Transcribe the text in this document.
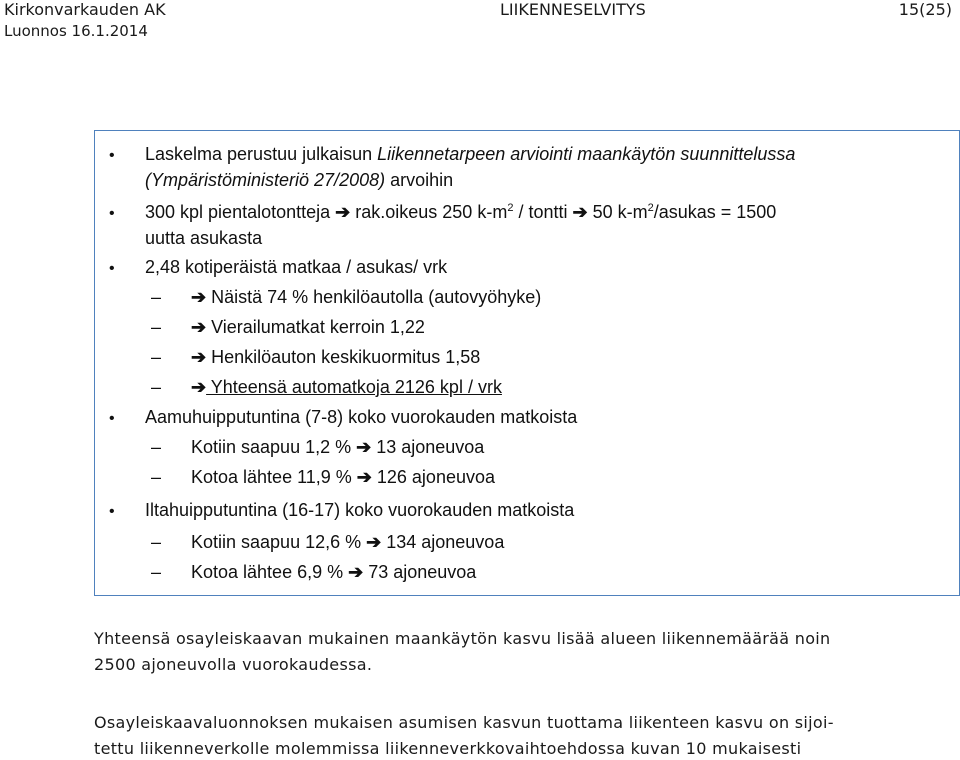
Kirkonvarkauden AK	LIIKENNESELVITYS	15(25)
Luonnos 16.1.2014
• Laskelma perustuu julkaisun Liikennetarpeen arviointi maankäytön suunnittelussa
(Ympäristöministeriö 27/2008) arvoihin
• 300 kpl pientalotontteja ➔ rak.oikeus 250 $k-m^2$ / tontti ➔ 50 $k-m^2$/asukas = 1500
uutta asukasta
• 2,48 kotiperäistä matkaa / asukas/ vrk
– ➔ Näistä 74 % henkilöautolla (autovyöhyke)
– ➔ Vierailumatkat kerroin 1,22
– ➔ Henkilöauton keskikuormitus 1,58
– ➔ Yhteensä automatkoja 2126 kpl / vrk
• Aamuhuipputuntina (7-8) koko vuorokauden matkoista
– Kotiin saapuu 1,2 % ➔ 13 ajoneuvoa
– Kotoa lähtee 11,9 % ➔ 126 ajoneuvoa
• Iltahuipputuntina (16-17) koko vuorokauden matkoista
– Kotiin saapuu 12,6 % ➔ 134 ajoneuvoa
– Kotoa lähtee 6,9 % ➔ 73 ajoneuvoa
Yhteensä osayleiskaavan mukainen maankäytön kasvu lisää alueen liikennemäärää noin
2500 ajoneuvolla vuorokaudessa.
Osayleiskaavaluonnoksen mukaisen asumisen kasvun tuottama liikenteen kasvu on sijoi-
tettu liikenneverkolle molemmissa liikenneverkkovaihtoehdossa kuvan 10 mukaisesti
